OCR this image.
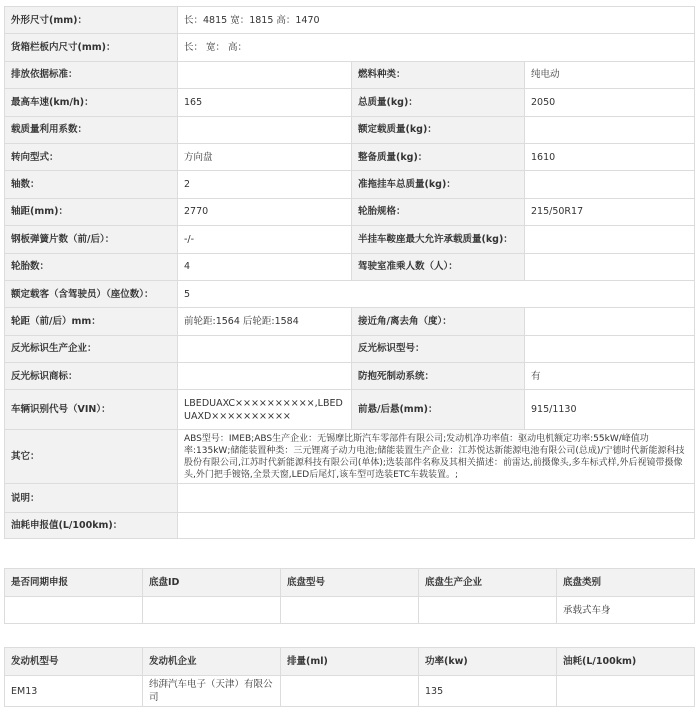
外形尺寸(mm)：	长：4815 宽：1815 高：1470		
货箱栏板内尺寸(mm)：	长： 宽： 高：		
排放依据标准：		燃料种类：	纯电动
最高车速(km/h)：	165	总质量(kg)：	2050
载质量利用系数：		额定载质量(kg)：	
转向型式：	方向盘	整备质量(kg)：	1610
轴数：	2	准拖挂车总质量(kg)：	
轴距(mm)：	2770	轮胎规格：	215/50R17
钢板弹簧片数（前/后）：	-/-	半挂车鞍座最大允许承载质量(kg)：	
轮胎数：	4	驾驶室准乘人数（人）：	
额定载客（含驾驶员）（座位数）：	5		
轮距（前/后）mm：	前轮距:1564 后轮距:1584	接近角/离去角（度）：	
反光标识生产企业：		反光标识型号：	
反光标识商标：		防抱死制动系统：	有
车辆识别代号（VIN）：	LBEDUAXC××××××××××,LBEDUAXD××××××××××	前悬/后悬(mm)：	915/1130
其它：	ABS型号：IMEB;ABS生产企业：无锡摩比斯汽车零部件有限公司;发动机净功率值：驱动电机额定功率:55kW/峰值功率:135kW;储能装置种类：三元锂离子动力电池;储能装置生产企业：江苏悦达新能源电池有限公司(总成)/宁德时代新能源科技股份有限公司,江苏时代新能源科技有限公司(单体);选装部件名称及其相关描述：前雷达,前摄像头,多车标式样,外后视镜带摄像头,外门把手镀铬,全景天窗,LED后尾灯,该车型可选装ETC车载装置。;		
说明：			
油耗申报值(L/100km)：			
是否同期申报	底盘ID	底盘型号	底盘生产企业	底盘类别
				承载式车身
发动机型号	发动机企业	排量(ml)	功率(kw)	油耗(L/100km)
EM13	纬湃汽车电子（天津）有限公司		135	
